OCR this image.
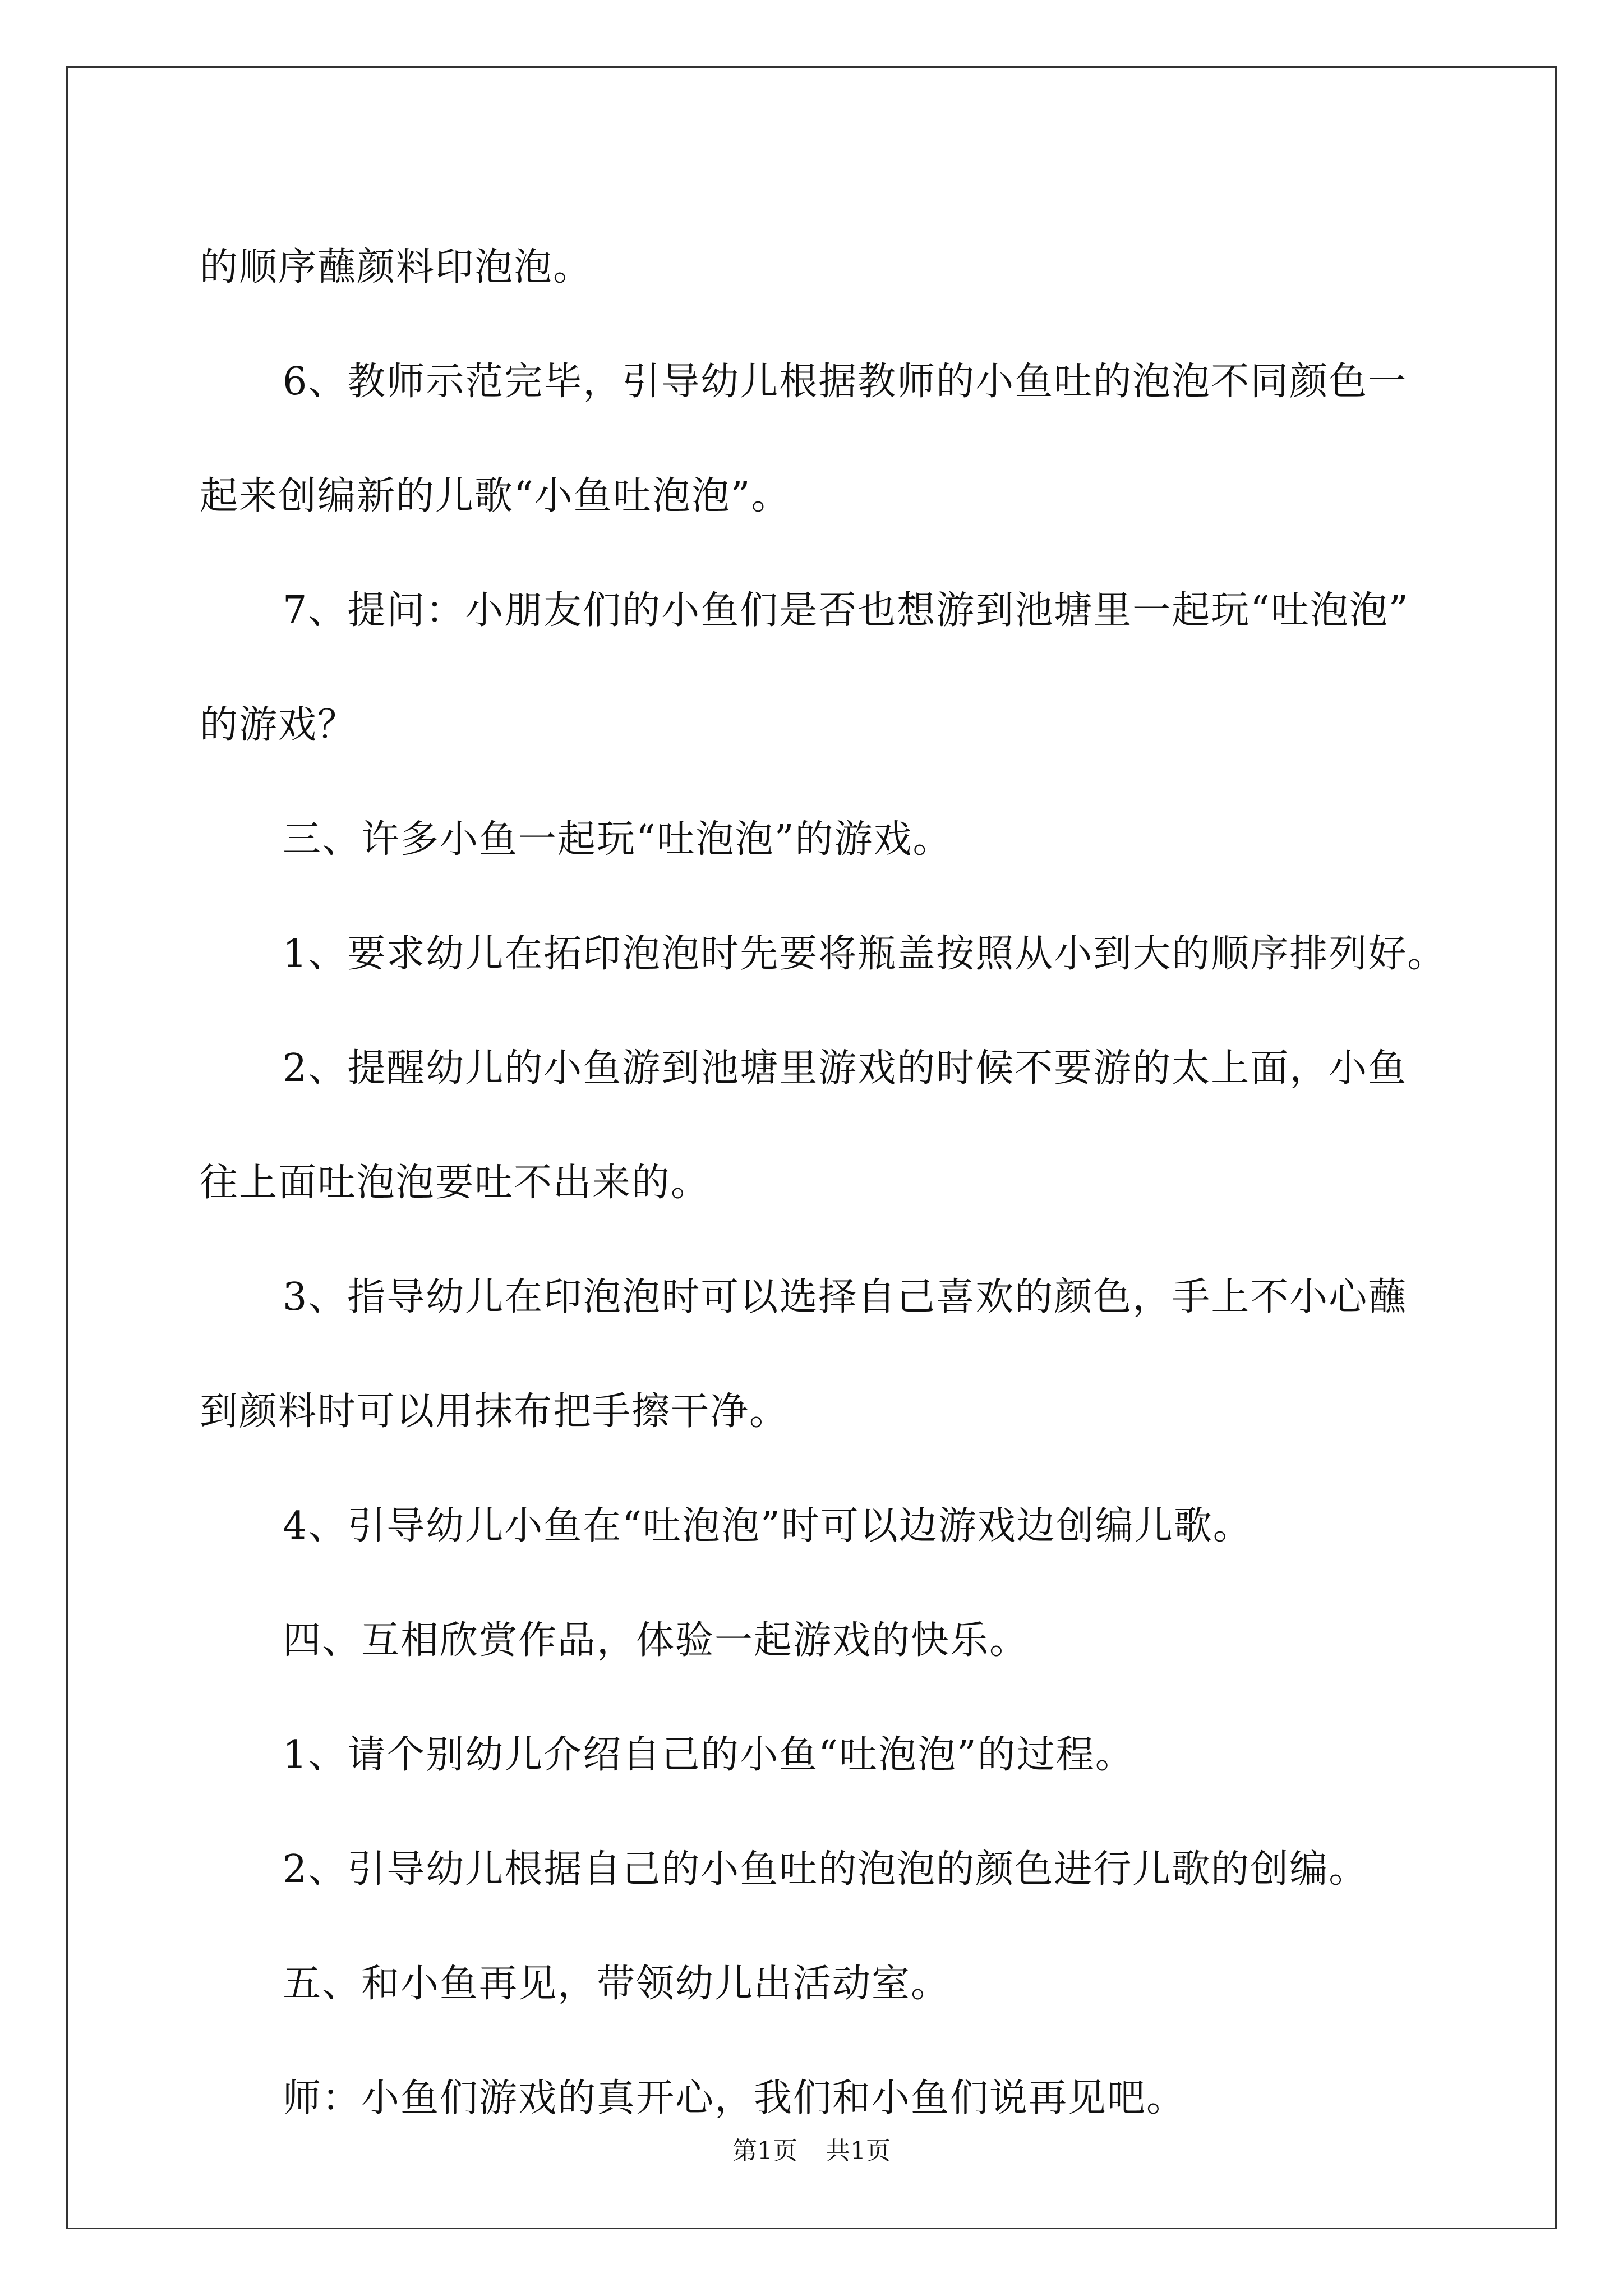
的顺序蘸颜料印泡泡。

6、教师示范完毕，引导幼儿根据教师的小鱼吐的泡泡不同颜色一

起来创编新的儿歌“小鱼吐泡泡”。

7、提问：小朋友们的小鱼们是否也想游到池塘里一起玩“吐泡泡”

的游戏？

三、许多小鱼一起玩“吐泡泡”的游戏。

1、要求幼儿在拓印泡泡时先要将瓶盖按照从小到大的顺序排列好。

2、提醒幼儿的小鱼游到池塘里游戏的时候不要游的太上面，小鱼

往上面吐泡泡要吐不出来的。

3、指导幼儿在印泡泡时可以选择自己喜欢的颜色，手上不小心蘸

到颜料时可以用抹布把手擦干净。

4、引导幼儿小鱼在“吐泡泡”时可以边游戏边创编儿歌。

四、互相欣赏作品，体验一起游戏的快乐。

1、请个别幼儿介绍自己的小鱼“吐泡泡”的过程。

2、引导幼儿根据自己的小鱼吐的泡泡的颜色进行儿歌的创编。

五、和小鱼再见，带领幼儿出活动室。

师：小鱼们游戏的真开心，我们和小鱼们说再见吧。

第1页 共1页
